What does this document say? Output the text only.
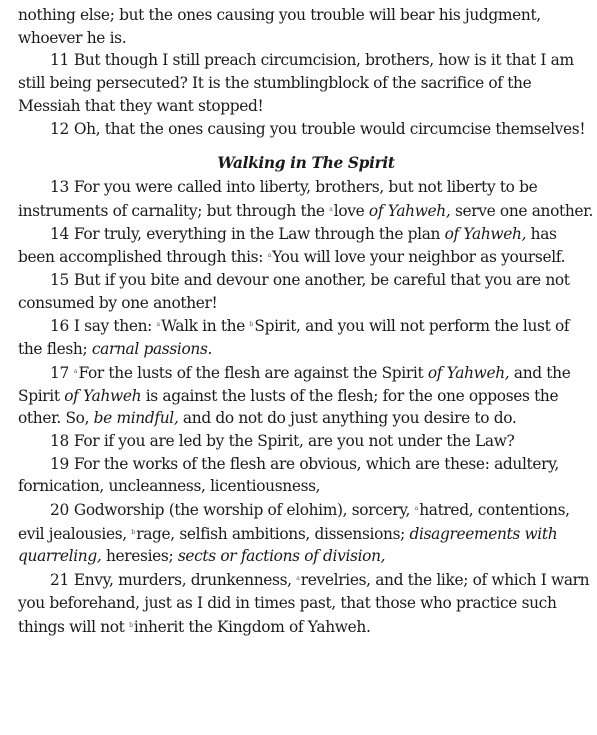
nothing else; but the ones causing you trouble will bear his judgment, whoever he is.

11 But though I still preach circumcision, brothers, how is it that I am still being persecuted? It is the stumblingblock of the sacrifice of the Messiah that they want stopped!

12 Oh, that the ones causing you trouble would circumcise themselves!

Walking in The Spirit

13 For you were called into liberty, brothers, but not liberty to be instruments of carnality; but through the $^a$love of Yahweh, serve one another.

14 For truly, everything in the Law through the plan of Yahweh, has been accomplished through this: $^a$You will love your neighbor as yourself.

15 But if you bite and devour one another, be careful that you are not consumed by one another!

16 I say then: $^a$Walk in the $^b$Spirit, and you will not perform the lust of the flesh; carnal passions.

17 $^a$For the lusts of the flesh are against the Spirit of Yahweh, and the Spirit of Yahweh is against the lusts of the flesh; for the one opposes the other. So, be mindful, and do not do just anything you desire to do.

18 For if you are led by the Spirit, are you not under the Law?

19 For the works of the flesh are obvious, which are these: adultery, fornication, uncleanness, licentiousness,

20 Godworship (the worship of elohim), sorcery, $^a$hatred, contentions, evil jealousies, $^b$rage, selfish ambitions, dissensions; disagreements with quarreling, heresies; sects or factions of division,

21 Envy, murders, drunkenness, $^a$revelries, and the like; of which I warn you beforehand, just as I did in times past, that those who practice such things will not $^b$inherit the Kingdom of Yahweh.
